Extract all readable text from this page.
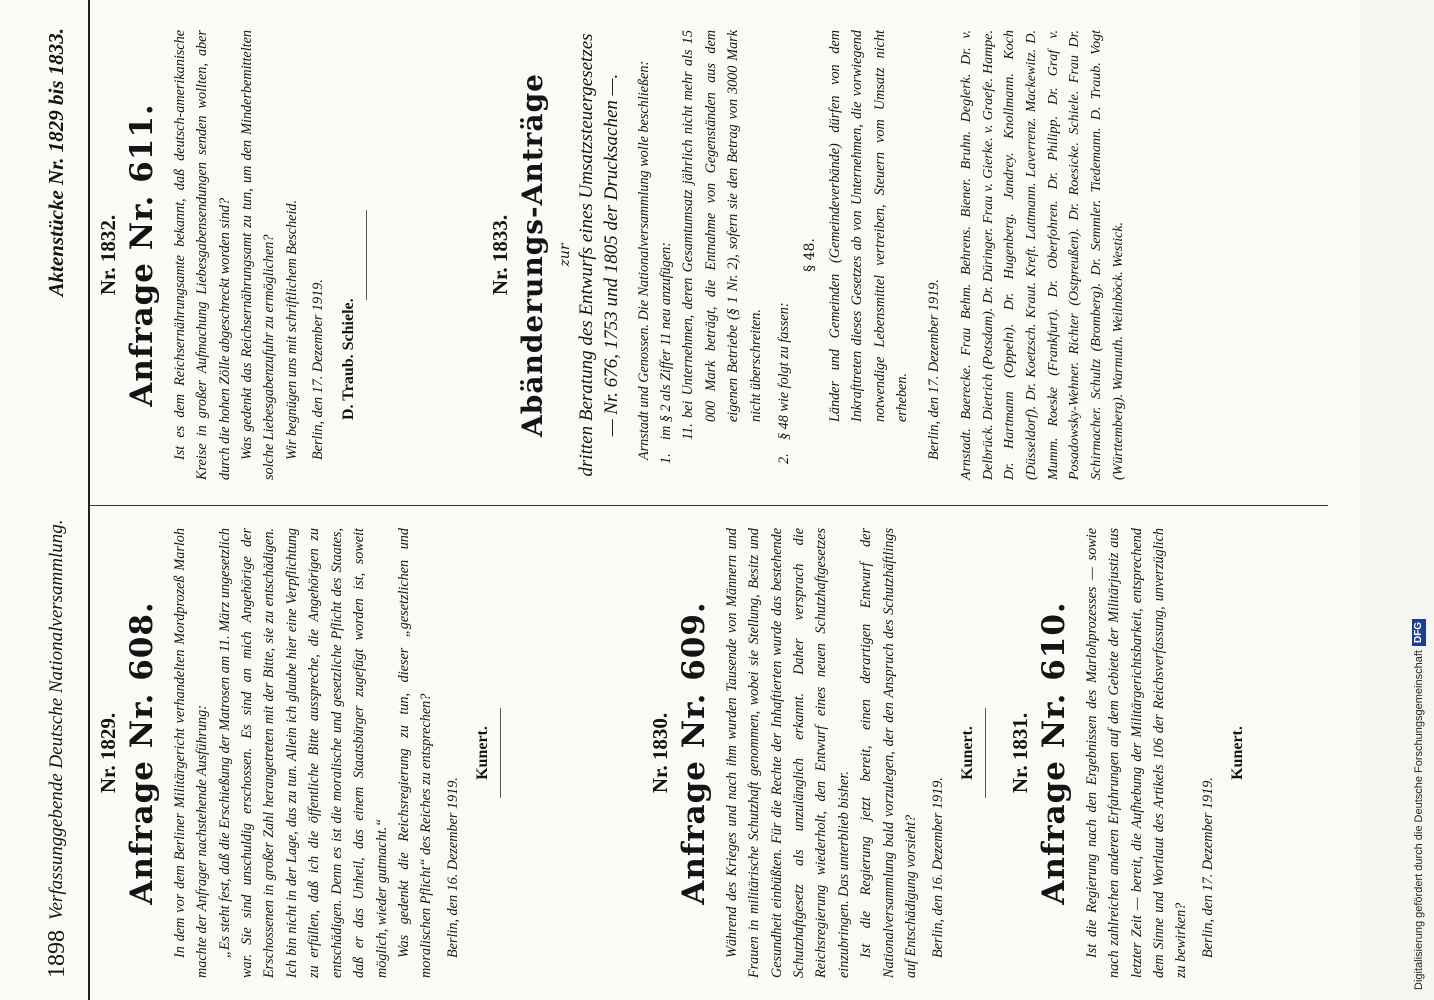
1898
Verfassunggebende Deutsche Nationalversammlung.
Aktenstücke Nr. 1829 bis 1833.
Nr. 1829. Anfrage Nr. 608. In dem vor dem Berliner Militärgericht verhandelten Mordprozeß Marloh machte der Anfrager nachstehende Ausführung: „Es steht fest, daß die Erschießung der Matrosen am 11. März ungesetzlich war. Sie sind unschuldig erschossen. Es sind an mich Angehörige der Erschossenen in großer Zahl herangetreten mit der Bitte, sie zu entschädigen. Ich bin nicht in der Lage, das zu tun. Allein ich glaube hier eine Verpflichtung zu erfüllen, daß ich die öffentliche Bitte ausspreche, die Angehörigen zu entschädigen. Denn es ist die moralische und gesetzliche Pflicht des Staates, daß er das Unheil, das einem Staatsbürger zugefügt worden ist, soweit möglich, wieder gutmacht.“ Was gedenkt die Reichsregierung zu tun, dieser „gesetzlichen und moralischen Pflicht“ des Reiches zu entsprechen? Berlin, den 16. Dezember 1919.

Kunert.	Nr. 1830. Anfrage Nr. 609. Während des Krieges und nach ihm wurden Tausende von Männern und Frauen in militärische Schutzhaft genommen, wobei sie Stellung, Besitz und Gesundheit einbüßten. Für die Rechte der Inhaftierten wurde das bestehende Schutzhaftgesetz als unzulänglich erkannt. Daher versprach die Reichsregierung wiederholt, den Entwurf eines neuen Schutzhaftgesetzes einzubringen. Das unterblieb bisher. Ist die Regierung jetzt bereit, einen derartigen Entwurf der Nationalversammlung bald vorzulegen, der den Anspruch des Schutzhäftlings auf Entschädigung vorsieht? Berlin, den 16. Dezember 1919.

Kunert. Nr. 1831. Anfrage Nr. 610. Ist die Regierung nach den Ergebnissen des Marlohprozesses — sowie nach zahlreichen anderen Erfahrungen auf dem Gebiete der Militärjustiz aus letzter Zeit — bereit, die Aufhebung der Militärgerichtsbarkeit, entsprechend dem Sinne und Wortlaut des Artikels 106 der Reichsverfassung, unverzüglich zu bewirken? Berlin, den 17. Dezember 1919.

Kunert.
Nr. 1832. Anfrage Nr. 611. Ist es dem Reichsernährungsamte bekannt, daß deutsch-amerikanische Kreise in großer Aufmachung Liebesgabensendungen senden wollten, aber durch die hohen Zölle abgeschreckt worden sind? Was gedenkt das Reichsernährungsamt zu tun, um den Minderbemittelten solche Liebesgabenzufuhr zu ermöglichen? Wir begnügen uns mit schriftlichem Bescheid. Berlin, den 17. Dezember 1919. D. Traub. Schiele.
Nr. 1833. Abänderungs-Anträge zur dritten Beratung des Entwurfs eines Umsatzsteuergesetzes — Nr. 676, 1753 und 1805 der Drucksachen —. Arnstadt und Genossen. Die Nationalversammlung wolle beschließen: 1.
im § 2 als Ziffer 11 neu anzufügen: 11. bei Unternehmen, deren Gesamtumsatz jährlich nicht mehr als 15 000 Mark beträgt, die Entnahme von Gegenständen aus dem eigenen Betriebe (§ 1 Nr. 2), sofern sie den Betrag von 3000 Mark nicht überschreiten.

2.
§ 48 wie folgt zu fassen:

§ 48. Länder und Gemeinden (Gemeindeverbände) dürfen von dem Inkrafttreten dieses Gesetzes ab von Unternehmen, die vorwiegend notwendige Lebensmittel vertreiben, Steuern vom Umsatz nicht erheben. Berlin, den 17. Dezember 1919. Arnstadt. Baerecke. Frau Behm. Behrens. Biener. Bruhn. Deglerk. Dr. v. Delbrück. Dietrich (Potsdam). Dr. Düringer. Frau v. Gierke. v. Graefe. Hampe. Dr. Hartmann (Oppeln). Dr. Hugenberg. Jandrey. Knollmann. Koch (Düsseldorf). Dr. Koetzsch. Kraut. Kreft. Lattmann. Laverrenz. Mackewitz. D. Mumm. Roeske (Frankfurt). Dr. Oberfohren. Dr. Philipp. Dr. Graf v. Posadowsky-Wehner. Richter (Ostpreußen). Dr. Roesicke. Schiele. Frau Dr. Schirmacher. Schultz (Bromberg). Dr. Semmler. Tiedemann. D. Traub. Vogt (Württemberg). Warmuth. Weilnböck. Westick.

Digitalisierung gefördert durch die Deutsche ForschungsgemeinschaftDFG
